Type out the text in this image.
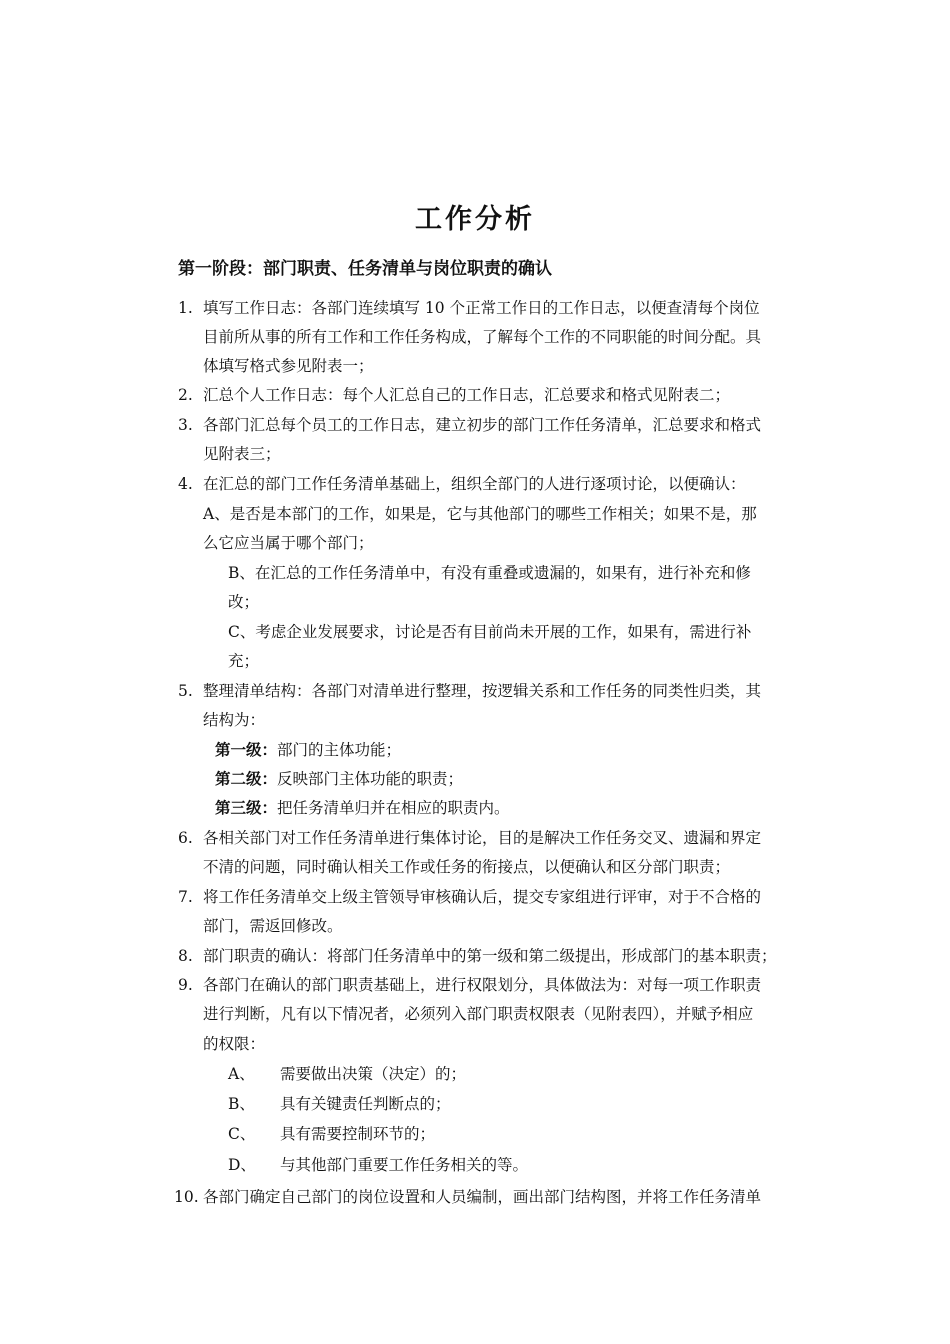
工作分析
第一阶段：部门职责、任务清单与岗位职责的确认
1. 填写工作日志：各部门连续填写 10 个正常工作日的工作日志，以便查清每个岗位
目前所从事的所有工作和工作任务构成，了解每个工作的不同职能的时间分配。具
体填写格式参见附表一；
2. 汇总个人工作日志：每个人汇总自己的工作日志，汇总要求和格式见附表二；
3. 各部门汇总每个员工的工作日志，建立初步的部门工作任务清单，汇总要求和格式
见附表三；
4. 在汇总的部门工作任务清单基础上，组织全部门的人进行逐项讨论，以便确认：
A、是否是本部门的工作，如果是，它与其他部门的哪些工作相关；如果不是，那
么它应当属于哪个部门；
B、在汇总的工作任务清单中，有没有重叠或遗漏的，如果有，进行补充和修
改；
C、考虑企业发展要求，讨论是否有目前尚未开展的工作，如果有，需进行补
充；
5. 整理清单结构：各部门对清单进行整理，按逻辑关系和工作任务的同类性归类，其
结构为：
第一级：部门的主体功能；
第二级：反映部门主体功能的职责；
第三级：把任务清单归并在相应的职责内。
6. 各相关部门对工作任务清单进行集体讨论，目的是解决工作任务交叉、遗漏和界定
不清的问题，同时确认相关工作或任务的衔接点，以便确认和区分部门职责；
7. 将工作任务清单交上级主管领导审核确认后，提交专家组进行评审，对于不合格的
部门，需返回修改。
8. 部门职责的确认：将部门任务清单中的第一级和第二级提出，形成部门的基本职责；
9. 各部门在确认的部门职责基础上，进行权限划分，具体做法为：对每一项工作职责
进行判断，凡有以下情况者，必须列入部门职责权限表（见附表四），并赋予相应
的权限：
A、 需要做出决策（决定）的；
B、 具有关键责任判断点的；
C、 具有需要控制环节的；
D、 与其他部门重要工作任务相关的等。
10. 各部门确定自己部门的岗位设置和人员编制，画出部门结构图，并将工作任务清单
